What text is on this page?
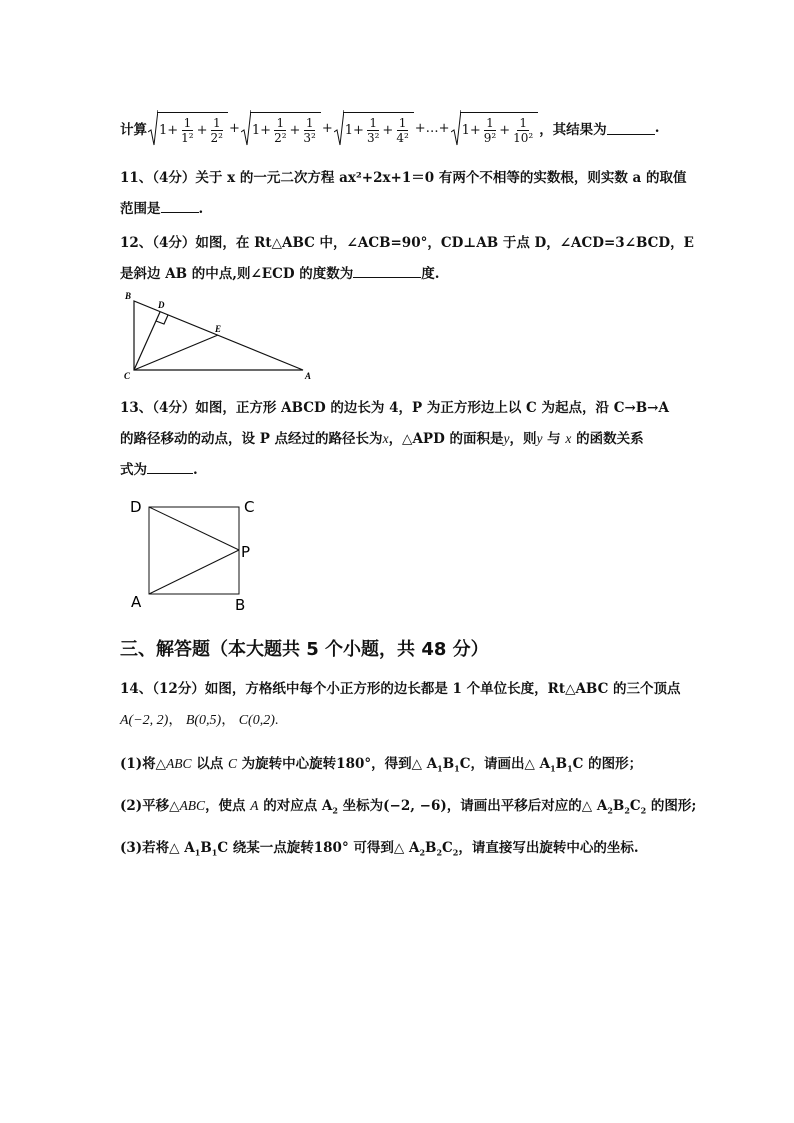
计算 $1+ \frac{1}{\text{1²}} + \frac{1}{\text{2²}} + 1+ \frac{1}{\text{2²}} + \frac{1}{\text{3²}} + 1+ \frac{1}{\text{3²}} + \frac{1}{\text{4²}}$ +…+ $1+ \frac{1}{\text{9²}} + \frac{1}{\text{10²}}$ ，其结果为	.
11、（4分）关于 x 的一元二次方程 ax²+2x+1＝0 有两个不相等的实数根，则实数 a 的取值
范围是	.
12、（4分）如图，在 Rt△ABC 中，∠ACB=90°，CD⊥AB 于点 D，∠ACD=3∠BCD，E
是斜边 AB 的中点,则∠ECD 的度数为	度.
B
D
E
C	A
13、（4分）如图，正方形 ABCD 的边长为 4，P 为正方形边上以 C 为起点，沿 C→B→A
的路径移动的动点，设 P 点经过的路径长为x，△APD 的面积是y，则y 与 x 的函数关系
式为	.
D	C
P
A	B
三、解答题（本大题共 5 个小题，共 48 分）
14、（12分）如图，方格纸中每个小正方形的边长都是 1 个单位长度，Rt△ABC 的三个顶点
A(−2, 2)， B(0,5)， C(0,2).
(1)将△ABC 以点 C 为旋转中心旋转180°，得到△ $A_1B_1C$，请画出△ $A_1B_1C$ 的图形；
(2)平移△ABC，使点 A 的对应点 $A_2$ 坐标为(−2, −6)，请画出平移后对应的△ $A_2B_2C_2$ 的图形;
(3)若将△ $A_1B_1C$ 绕某一点旋转180° 可得到△ $A_2B_2C_2$，请直接写出旋转中心的坐标.
